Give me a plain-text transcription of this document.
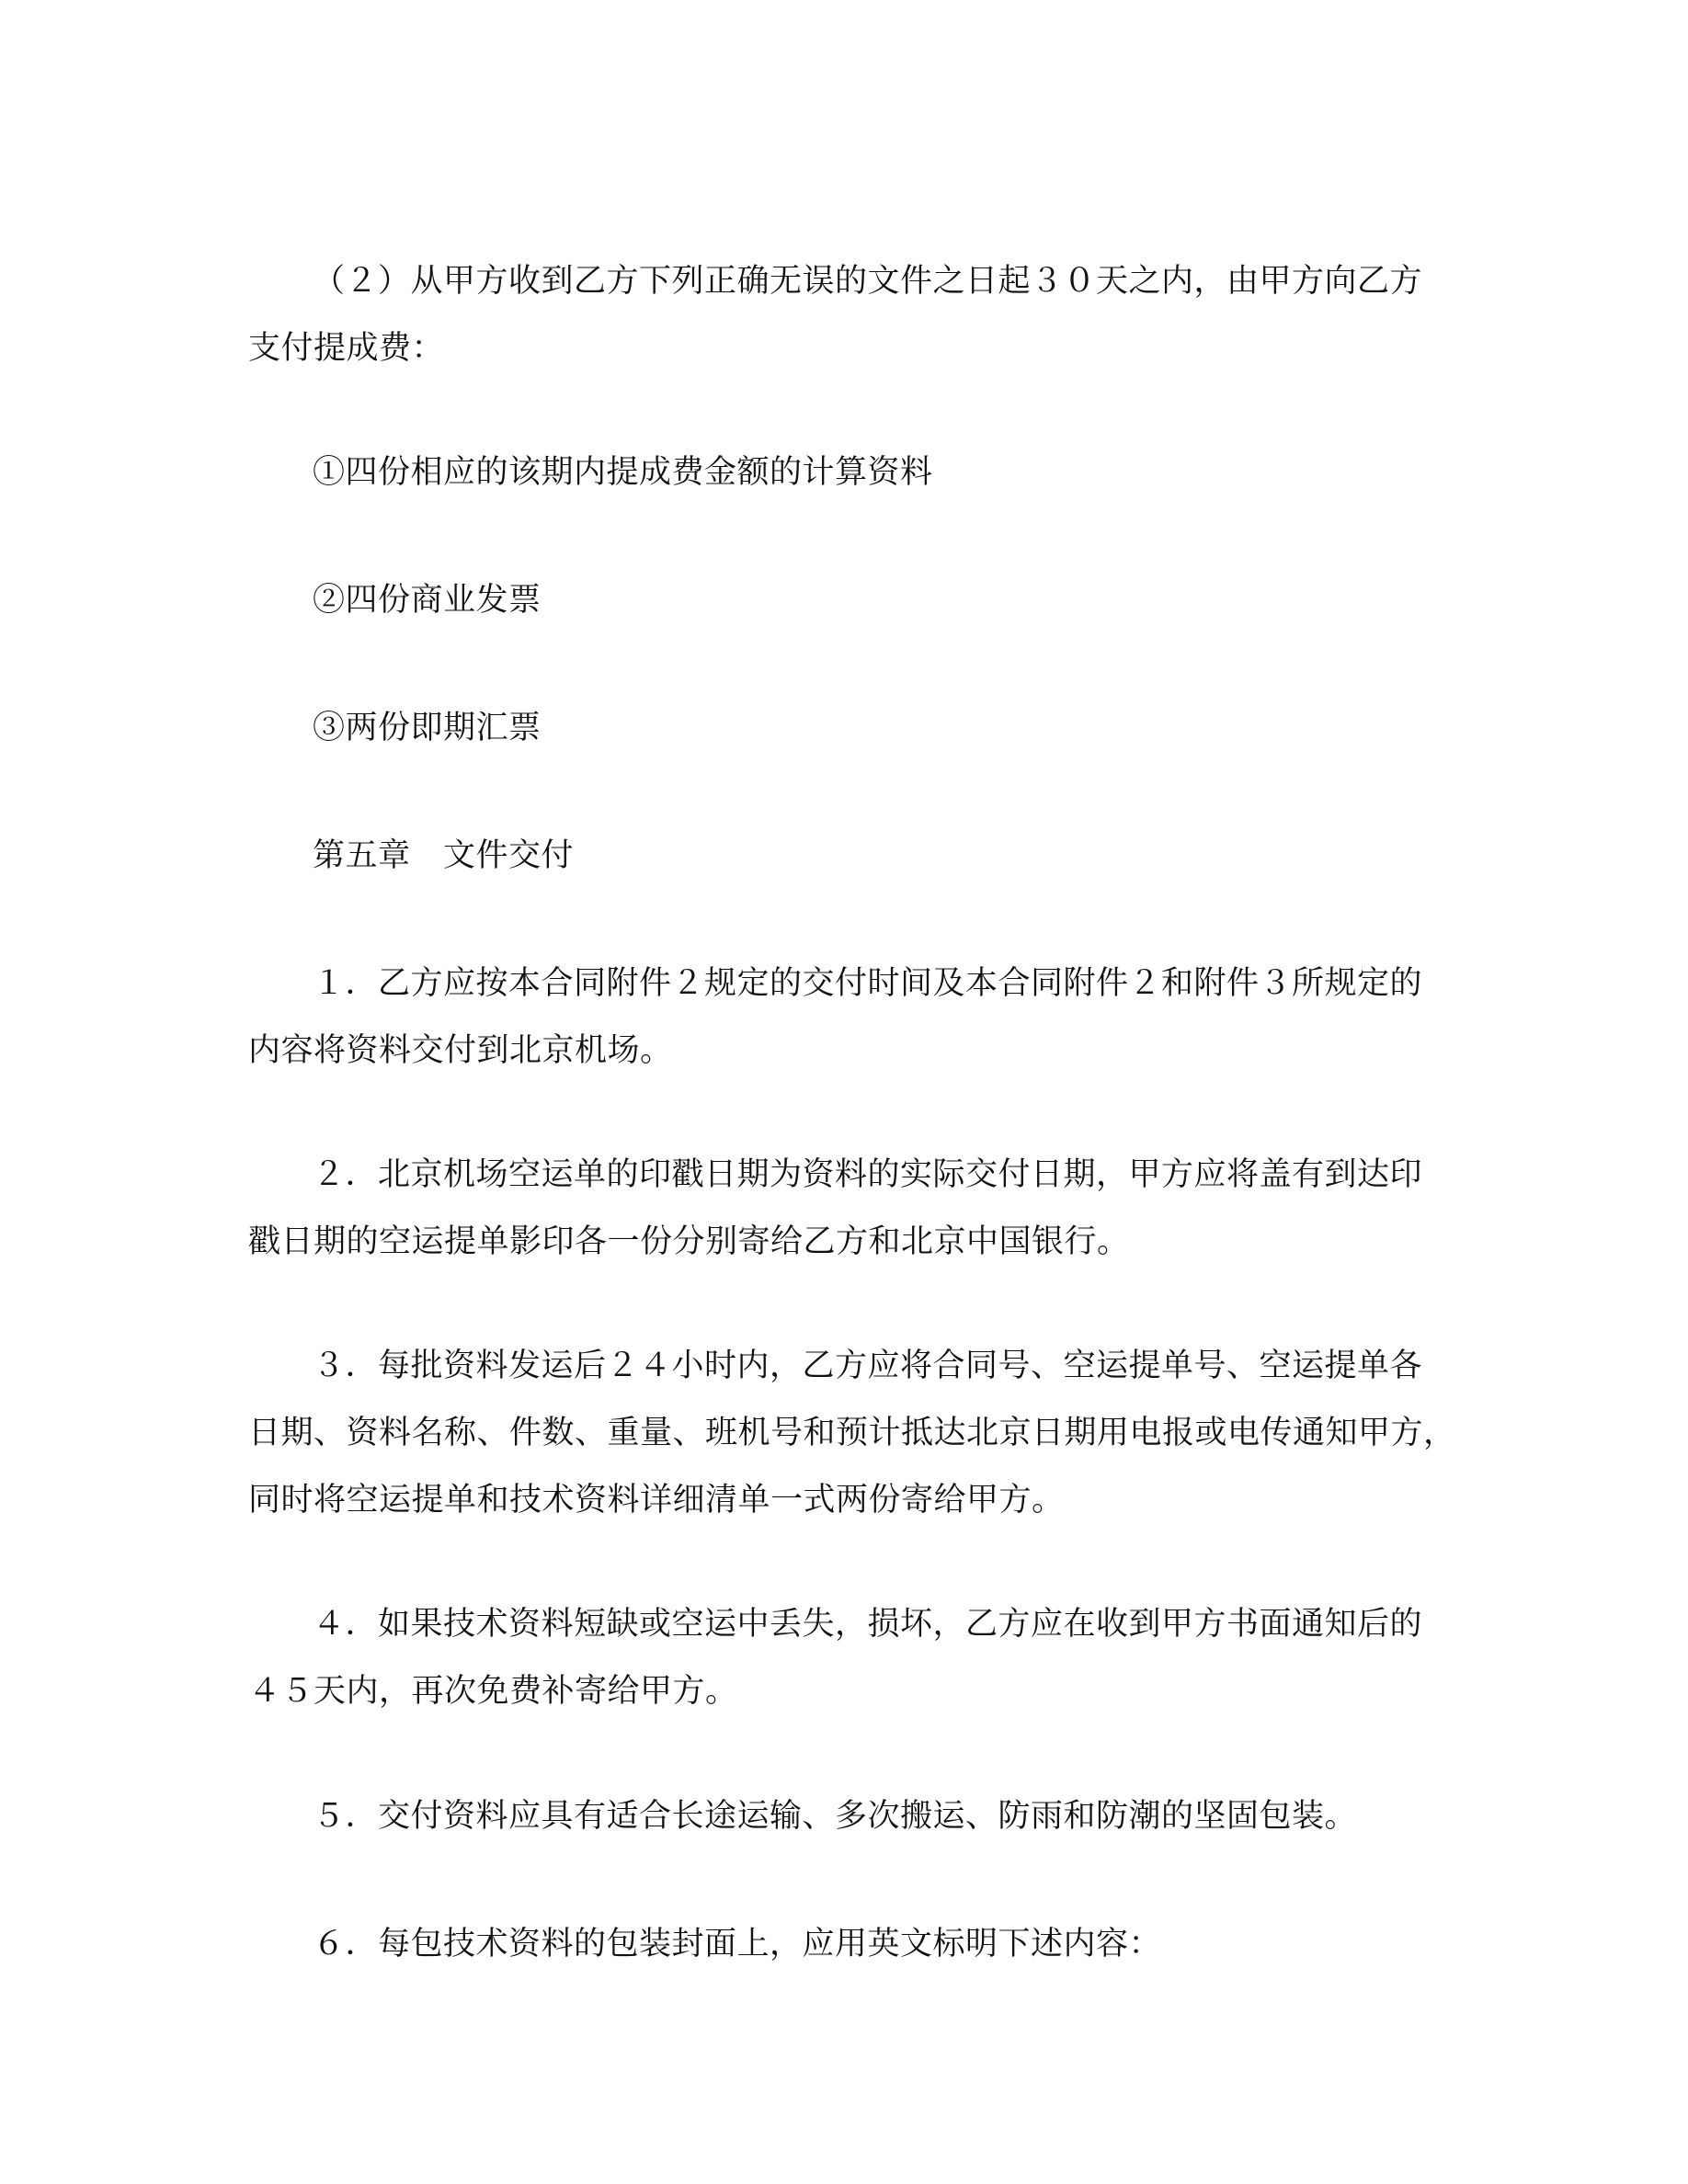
（２）从甲方收到乙方下列正确无误的文件之日起３０天之内，由甲方向乙方
支付提成费：
①四份相应的该期内提成费金额的计算资料
②四份商业发票
③两份即期汇票
第五章　文件交付
１．乙方应按本合同附件２规定的交付时间及本合同附件２和附件３所规定的
内容将资料交付到北京机场。
２．北京机场空运单的印戳日期为资料的实际交付日期，甲方应将盖有到达印
戳日期的空运提单影印各一份分别寄给乙方和北京中国银行。
３．每批资料发运后２４小时内，乙方应将合同号、空运提单号、空运提单各
日期、资料名称、件数、重量、班机号和预计抵达北京日期用电报或电传通知甲方，
同时将空运提单和技术资料详细清单一式两份寄给甲方。
４．如果技术资料短缺或空运中丢失，损坏，乙方应在收到甲方书面通知后的
４５天内，再次免费补寄给甲方。
５．交付资料应具有适合长途运输、多次搬运、防雨和防潮的坚固包装。
６．每包技术资料的包装封面上，应用英文标明下述内容：
